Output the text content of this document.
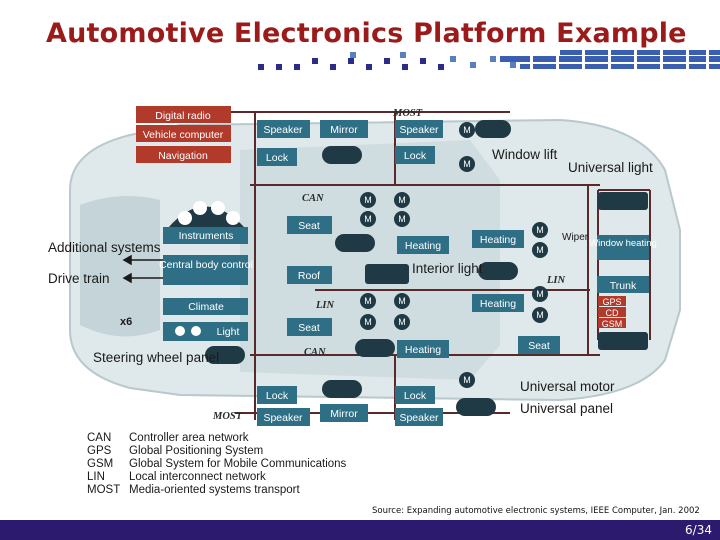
Automotive Electronics Platform Example
Digital radio
Vehicle computer
Navigation
Instruments
Central body control
Climate
Light
Speaker	Mirror
Lock
Seat
Roof
Seat
Lock
Speaker	Mirror
Speaker
Lock
Heating	Heating
Heating
Heating	Seat
Lock
Speaker
Window heating
Trunk
GPS
CD
GSM
M
M
M	M
M	M
M	M
M	M
M
M
M
M
M
MOST
CAN
LIN
LIN
CAN
MOST
Wiper
Window lift
Universal light
Interior light
Additional systems
Drive train
Steering wheel panel
Universal motor
Universal panel
x6
CAN	Controller area network
GPS	Global Positioning System
GSM	Global System for Mobile Communications
LIN	Local interconnect network
MOST Media-oriented systems transport
Source: Expanding automotive electronic systems, IEEE Computer, Jan. 2002
6/34
